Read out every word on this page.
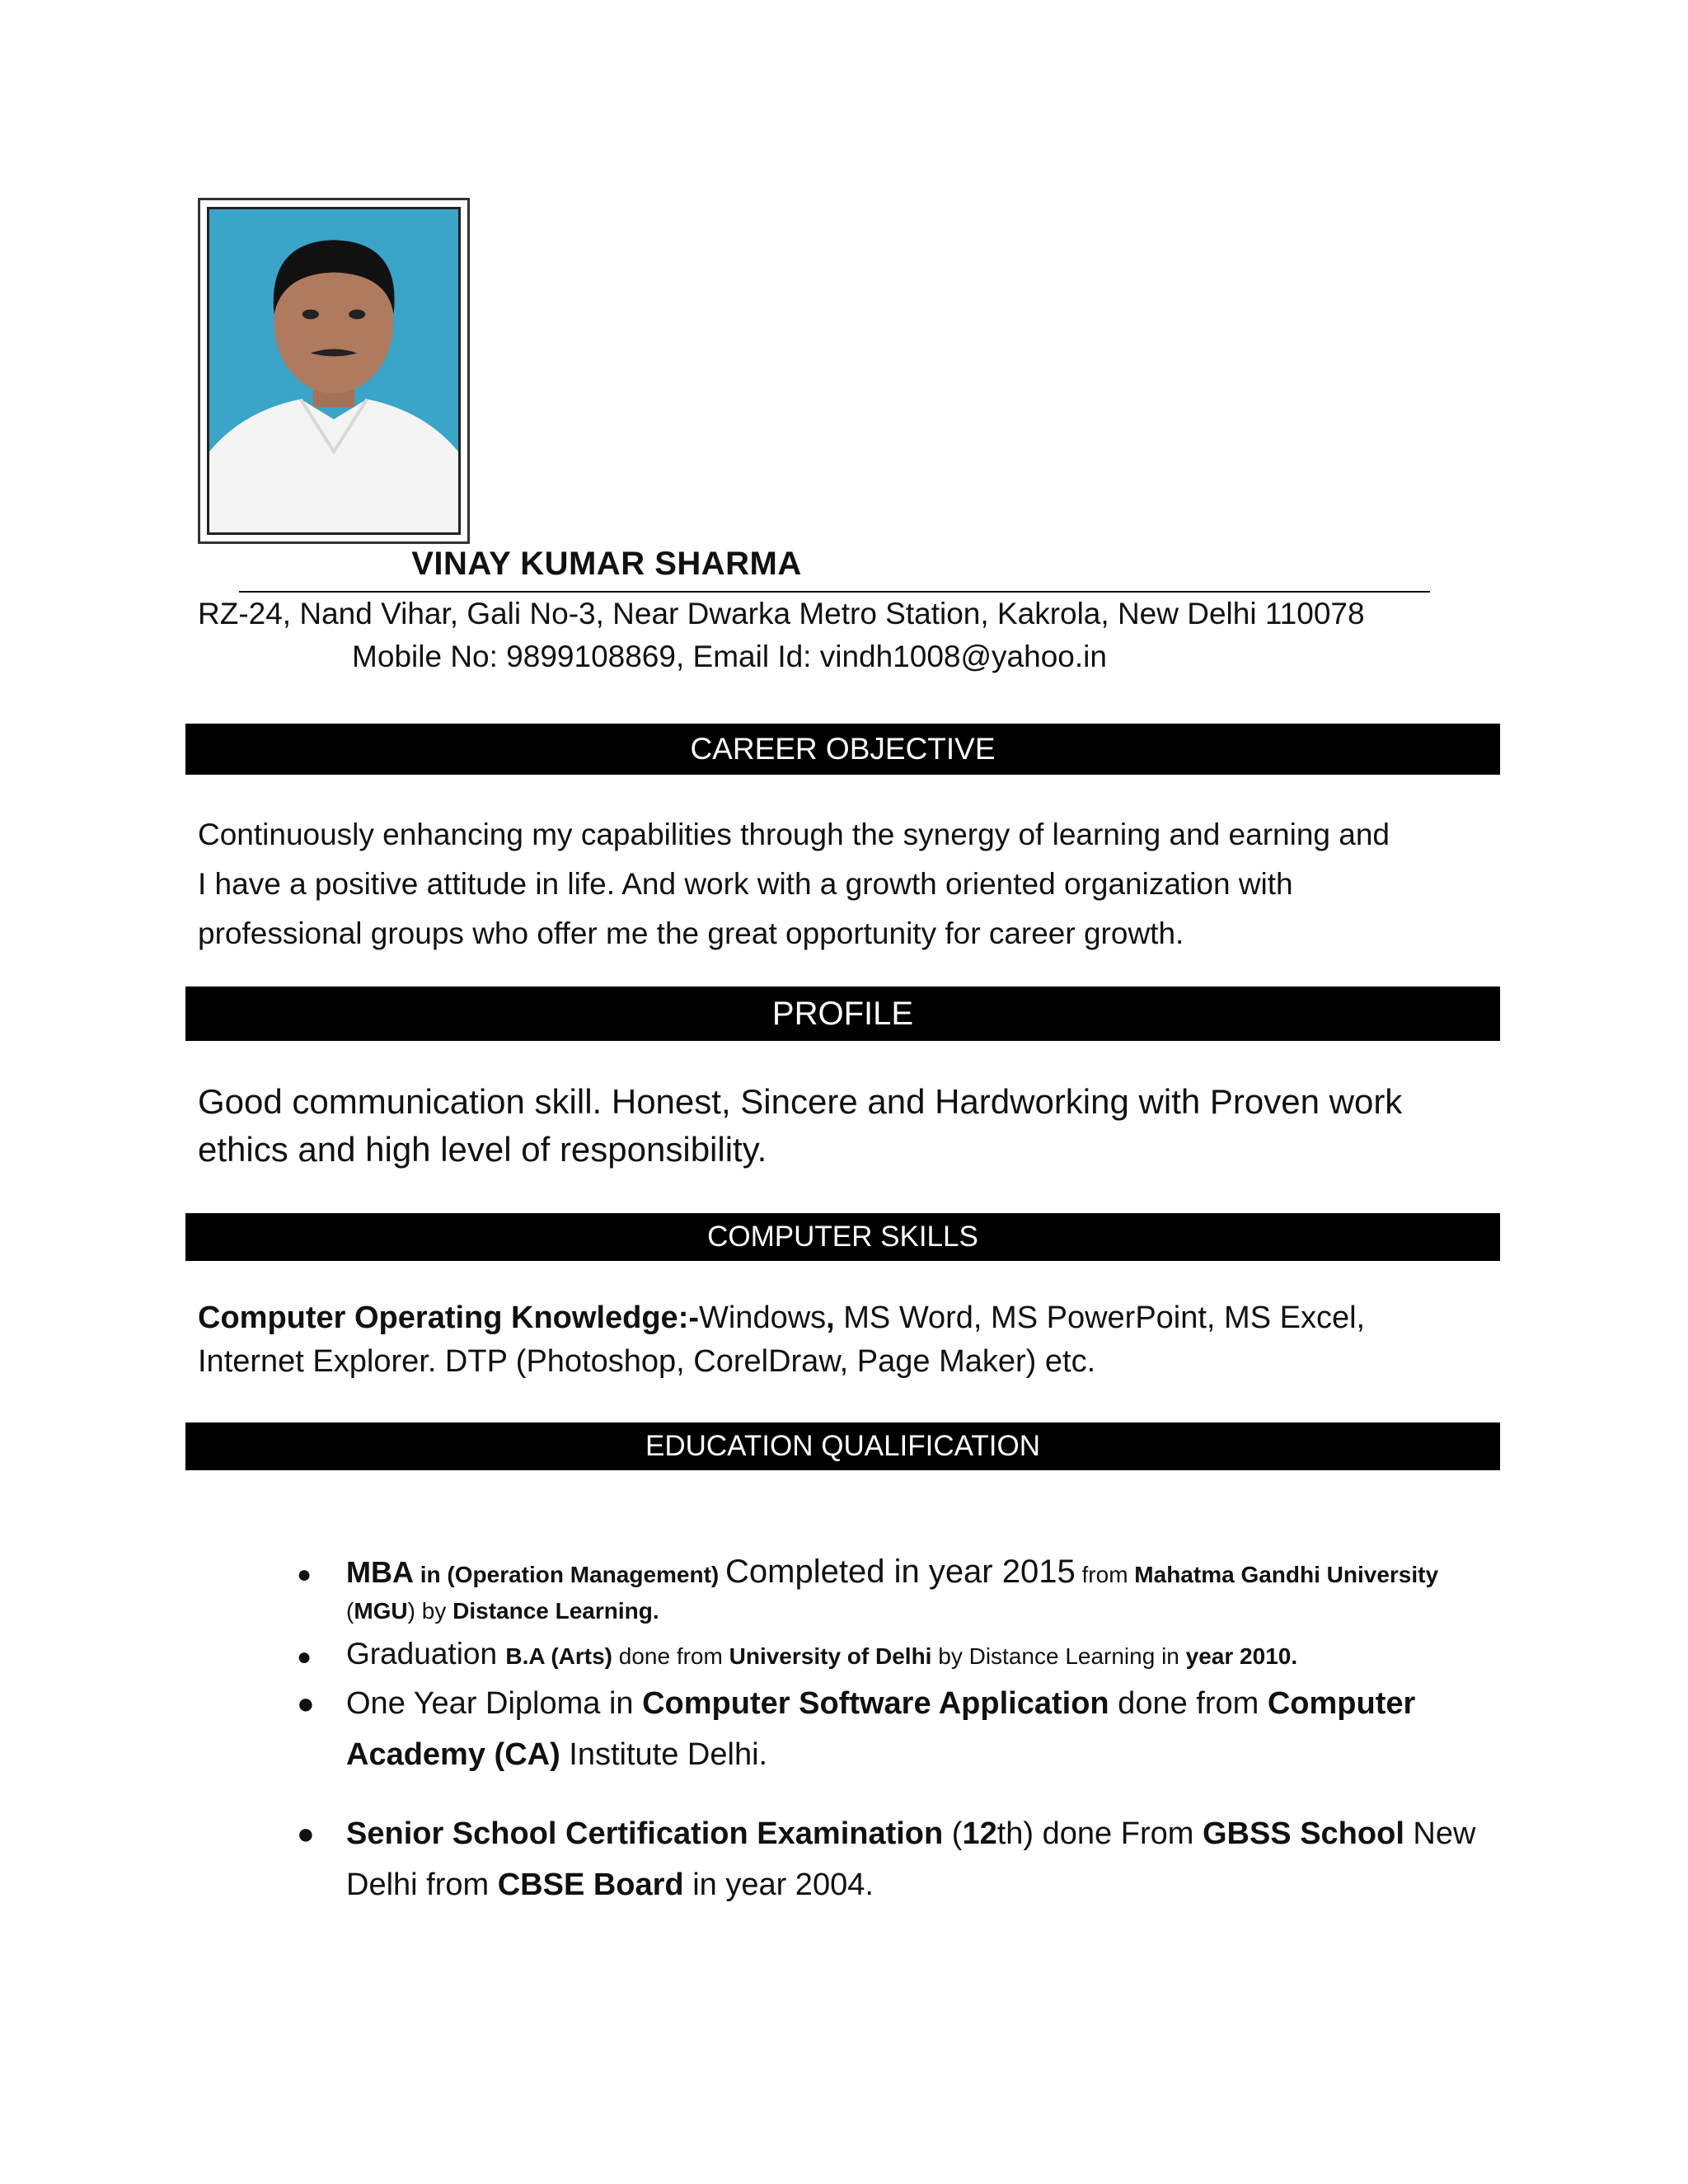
VINAY KUMAR SHARMA
RZ-24, Nand Vihar, Gali No-3, Near Dwarka Metro Station, Kakrola, New Delhi 110078
Mobile No: 9899108869, Email Id: vindh1008@yahoo.in
CAREER OBJECTIVE
Continuously enhancing my capabilities through the synergy of learning and earning and
I have a positive attitude in life. And work with a growth oriented organization with
professional groups who offer me the great opportunity for career growth.
PROFILE
Good communication skill. Honest, Sincere and Hardworking with Proven work
ethics and high level of responsibility.
COMPUTER SKILLS
Computer Operating Knowledge:-Windows, MS Word, MS PowerPoint, MS Excel,
Internet Explorer. DTP (Photoshop, CorelDraw, Page Maker) etc.
EDUCATION QUALIFICATION
● MBA in (Operation Management) Completed in year 2015 from Mahatma Gandhi University (MGU) by Distance Learning.
● Graduation B.A (Arts) done from University of Delhi by Distance Learning in year 2010.
● One Year Diploma in Computer Software Application done from Computer Academy (CA) Institute Delhi.
● Senior School Certification Examination (12th) done From GBSS School New Delhi from CBSE Board in year 2004.
